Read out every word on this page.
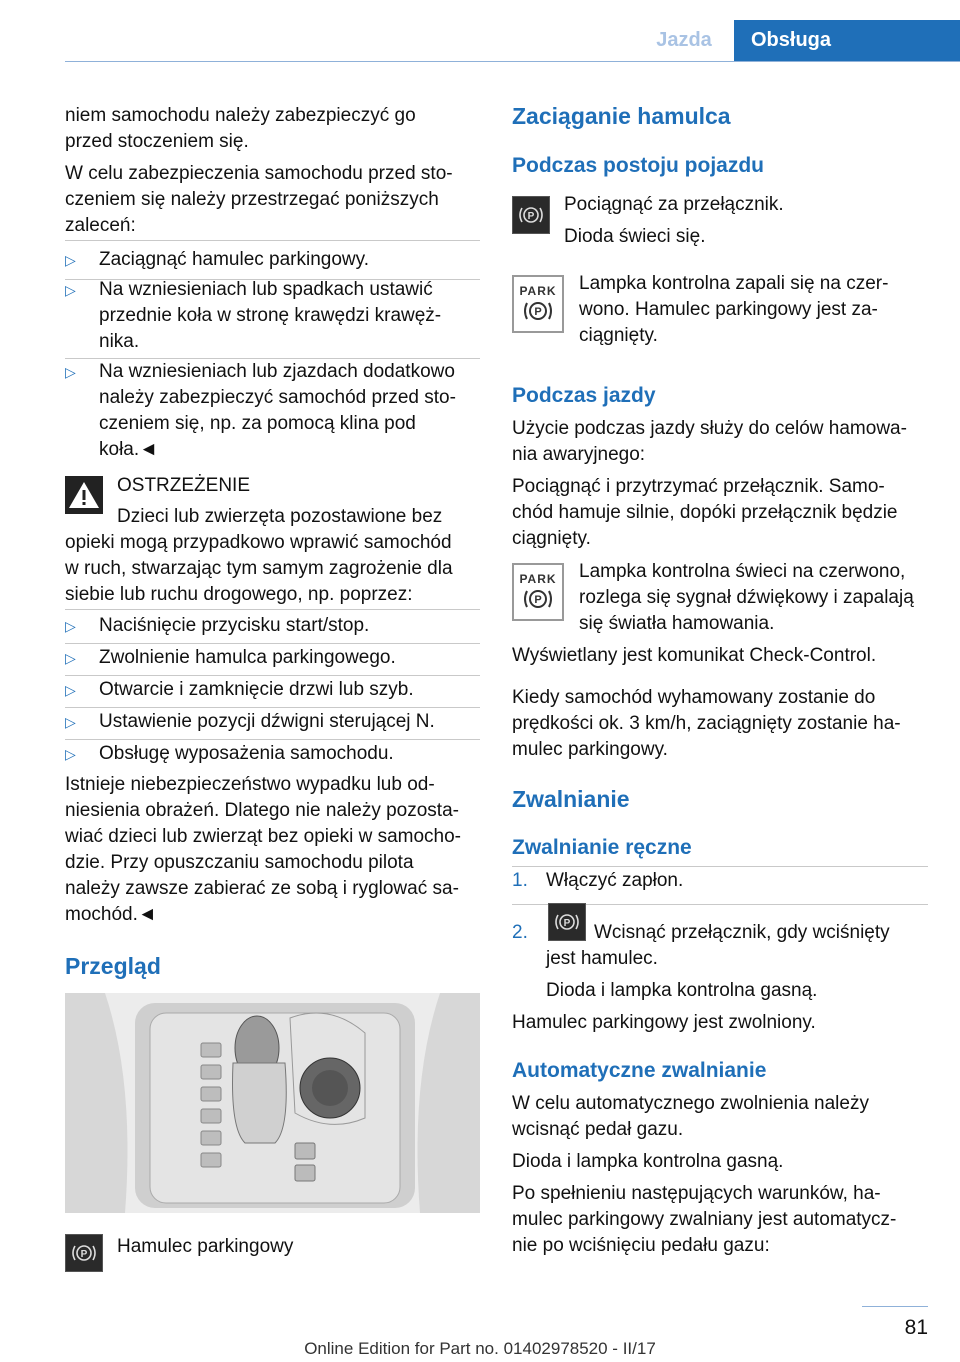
Jazda	Obsługa

niem samochodu należy zabezpieczyć go

przed stoczeniem się.

W celu zabezpieczenia samochodu przed sto‐

czeniem się należy przestrzegać poniższych

zaleceń:

▷ Zaciągnąć hamulec parkingowy.
▷ Na wzniesieniach lub spadkach ustawić

przednie koła w stronę krawędzi krawęż‐

nika.

▷ Na wzniesieniach lub zjazdach dodatkowo

należy zabezpieczyć samochód przed sto‐

czeniem się, np. za pomocą klina pod

koła.◄

OSTRZEŻENIE

Dzieci lub zwierzęta pozostawione bez

opieki mogą przypadkowo wprawić samochód

w ruch, stwarzając tym samym zagrożenie dla

siebie lub ruchu drogowego, np. poprzez:

▷ Naciśnięcie przycisku start/stop.
▷ Zwolnienie hamulca parkingowego.
▷ Otwarcie i zamknięcie drzwi lub szyb.
▷ Ustawienie pozycji dźwigni sterującej N.
▷ Obsługę wyposażenia samochodu.

Istnieje niebezpieczeństwo wypadku lub od‐

niesienia obrażeń. Dlatego nie należy pozosta‐

wiać dzieci lub zwierząt bez opieki w samocho‐

dzie. Przy opuszczaniu samochodu pilota

należy zawsze zabierać ze sobą i ryglować sa‐

mochód.◄

Przegląd
P Hamulec parkingowy

Zaciąganie hamulca
Podczas postoju pojazdu
P

Pociągnąć za przełącznik.

Dioda świeci się.

PARK
P

Lampka kontrolna zapali się na czer‐

wono. Hamulec parkingowy jest za‐

ciągnięty.

Podczas jazdy

Użycie podczas jazdy służy do celów hamowa‐

nia awaryjnego:

Pociągnąć i przytrzymać przełącznik. Samo‐

chód hamuje silnie, dopóki przełącznik będzie

ciągnięty.

PARK
P

Lampka kontrolna świeci na czerwono,

rozlega się sygnał dźwiękowy i zapalają

się światła hamowania.

Wyświetlany jest komunikat Check-Control.

Kiedy samochód wyhamowany zostanie do

prędkości ok. 3 km/h, zaciągnięty zostanie ha‐

mulec parkingowy.

Zwalnianie
Zwalnianie ręczne
1. Włączyć zapłon.

2.	P Wcisnąć przełącznik, gdy wciśnięty

jest hamulec.

Dioda i lampka kontrolna gasną.

Hamulec parkingowy jest zwolniony.

Automatyczne zwalnianie

W celu automatycznego zwolnienia należy

wcisnąć pedał gazu.

Dioda i lampka kontrolna gasną.

Po spełnieniu następujących warunków, ha‐

mulec parkingowy zwalniany jest automatycz‐

nie po wciśnięciu pedału gazu:

81
Online Edition for Part no. 01402978520 - II/17
